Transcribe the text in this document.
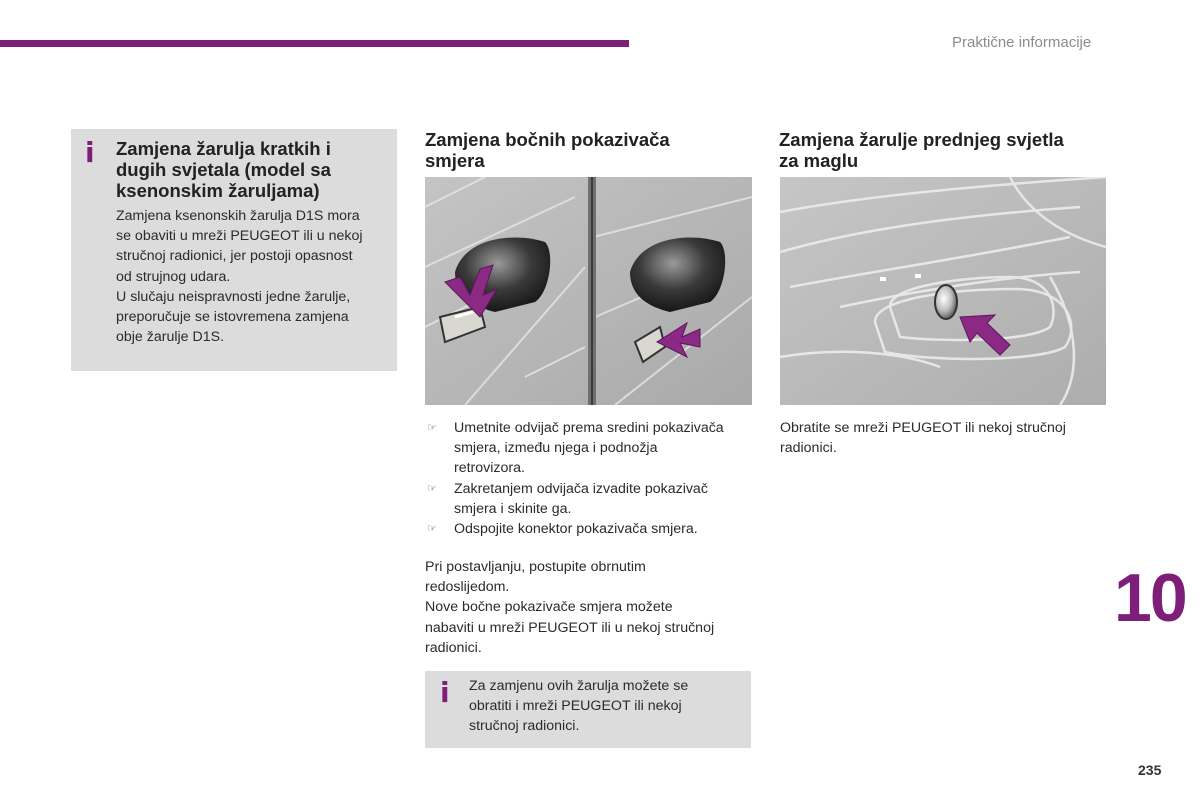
Praktične informacije
i Zamjena žarulja kratkih i
dugih svjetala (model sa
ksenonskim žaruljama)
Zamjena ksenonskih žarulja D1S mora
se obaviti u mreži PEUGEOT ili u nekoj
stručnoj radionici, jer postoji opasnost
od strujnog udara.
U slučaju neispravnosti jedne žarulje,
preporučuje se istovremena zamjena
obje žarulje D1S.
Zamjena bočnih pokazivača
smjera
☞ Umetnite odvijač prema sredini pokazivača
smjera, između njega i podnožja
retrovizora.
☞ Zakretanjem odvijača izvadite pokazivač
smjera i skinite ga.
☞ Odspojite konektor pokazivača smjera.
Pri postavljanju, postupite obrnutim
redoslijedom.
Nove bočne pokazivače smjera možete
nabaviti u mreži PEUGEOT ili u nekoj stručnoj
radionici.
i Za zamjenu ovih žarulja možete se
obratiti i mreži PEUGEOT ili nekoj
stručnoj radionici.
Zamjena žarulje prednjeg svjetla
za maglu
Obratite se mreži PEUGEOT ili nekoj stručnoj
radionici.
10
235
